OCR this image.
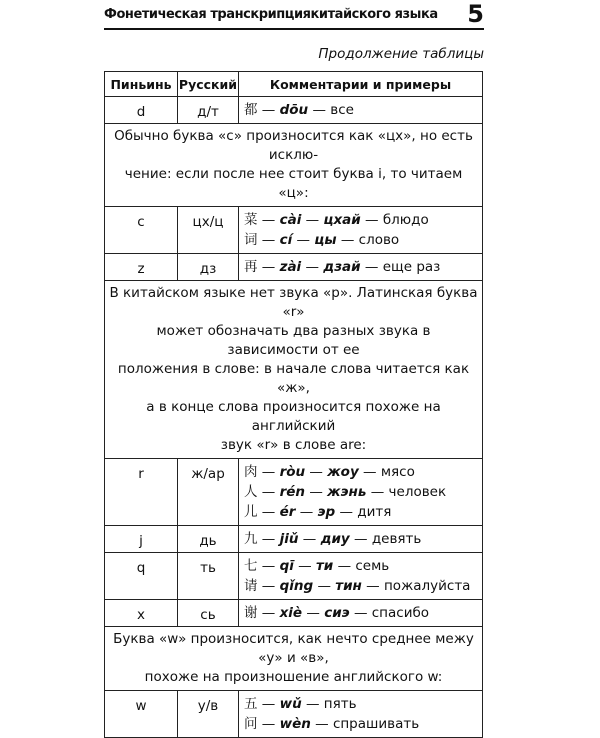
Фонетическая транскрипциякитайского языка 5
Продолжение таблицы
Пиньинь	Русский	Комментарии и примеры
d	д/т	都 — dōu — все

Обычно буква «c» произносится как «цх», но есть исклю-
чение: если после нее стоит буква i, то читаем «ц»:		
c	цх/ц	菜 — cài — цхай — блюдо
词 — cí — цы — слово

z	дз	再 — zài — дзай — еще раз

В китайском языке нет звука «р». Латинская буква «r»
может обозначать два разных звука в зависимости от ее
положения в слове: в начале слова читается как «ж»,
а в конце слова произносится похоже на английский
звук «r» в слове are:		
r	ж/ар	肉 — ròu — жоу — мясо
人 — rén — жэнь — человек
儿 — ér — эр — дитя

j	дь	九 — jiǔ — диу — девять

q	ть	七 — qī — ти — семь
请 — qǐng — тин — пожалуйста

x	сь	谢 — xiè — сиэ — спасибо

Буква «w» произносится, как нечто среднее межу «у» и «в»,
похоже на произношение английского w:		
w	у/в	五 — wǔ — пять
问 — wèn — спрашивать
